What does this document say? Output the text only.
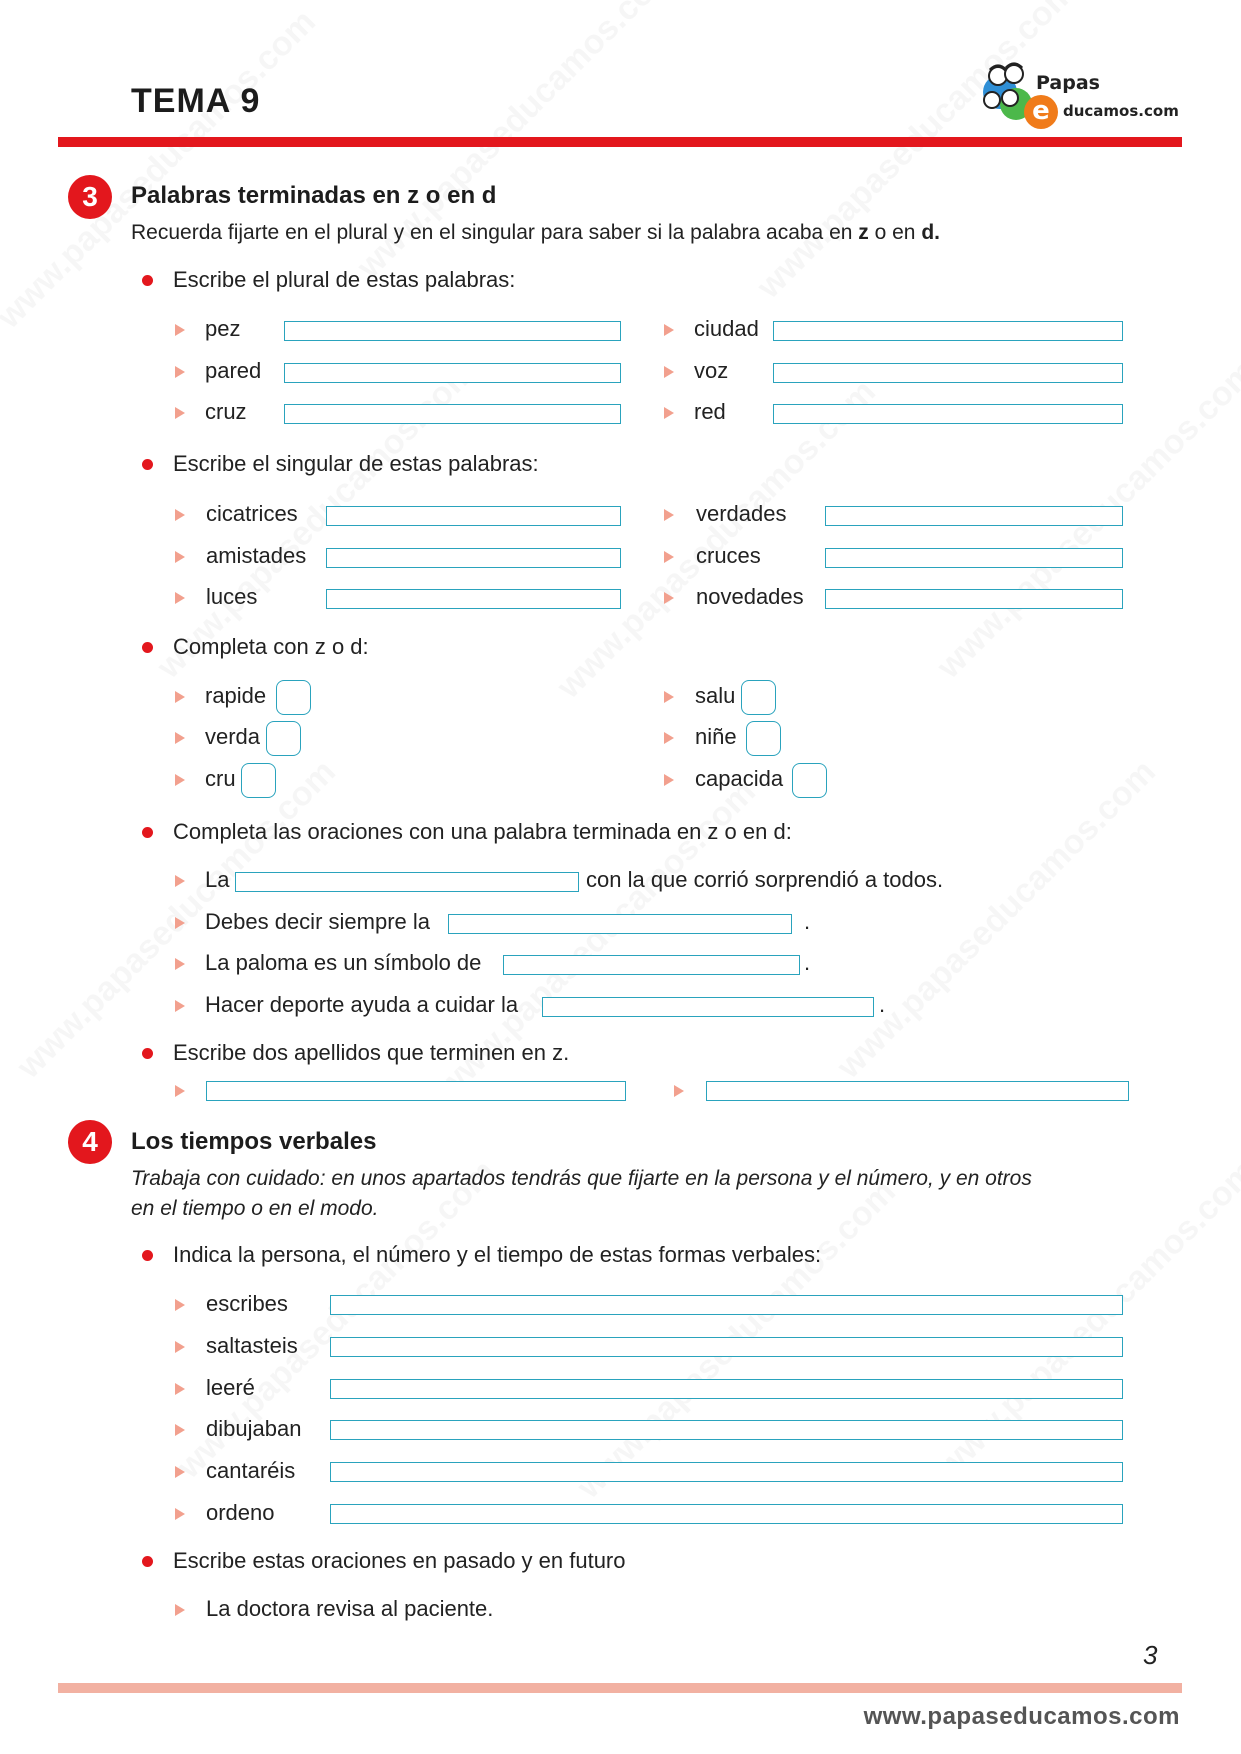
TEMA 9	Papas
e ducamos.com
3	Palabras terminadas en z o en d
Recuerda fijarte en el plural y en el singular para saber si la palabra acaba en z o en d.
Escribe el plural de estas palabras:
pez
pared
cruz
ciudad
voz
red
Escribe el singular de estas palabras:
cicatrices
amistades
luces
verdades
cruces
novedades
Completa con z o d:
rapide
verda
cru
salu
niñe
capacida
Completa las oraciones con una palabra terminada en z o en d:
La	con la que corrió sorprendió a todos.
Debes decir siempre la	.
La paloma es un símbolo de	.
Hacer deporte ayuda a cuidar la	.
Escribe dos apellidos que terminen en z.
4	Los tiempos verbales
Trabaja con cuidado: en unos apartados tendrás que fijarte en la persona y el número, y en otros
en el tiempo o en el modo.
Indica la persona, el número y el tiempo de estas formas verbales:
escribes
saltasteis
leeré
dibujaban
cantaréis
ordeno
Escribe estas oraciones en pasado y en futuro
La doctora revisa al paciente.
3
www.papaseducamos.com
